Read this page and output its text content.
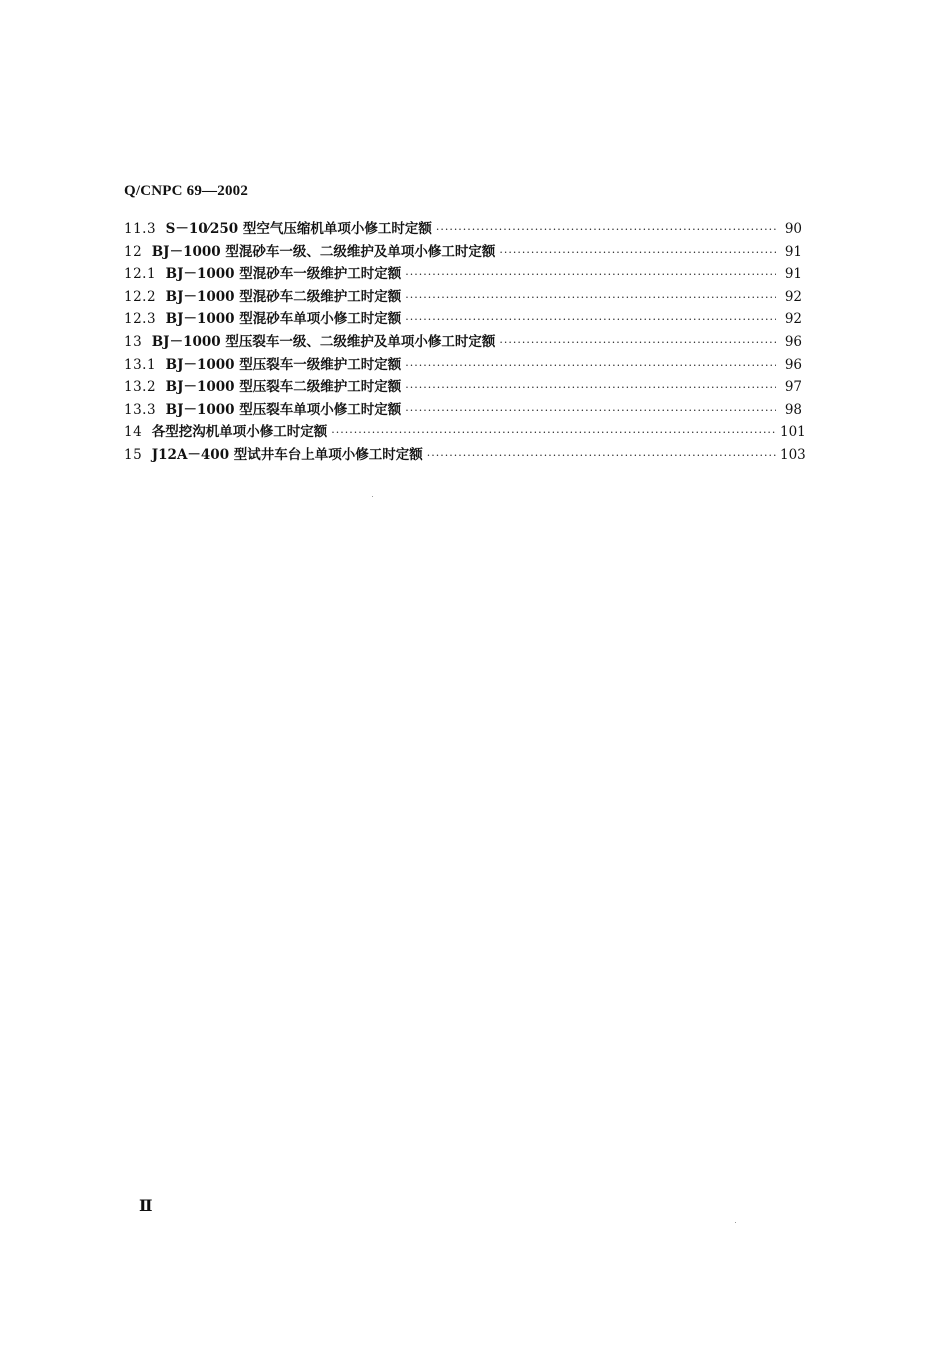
Q/CNPC 69—2002
11.3 S－10⁄250 型空气压缩机单项小修工时定额 ·····	90
12 BJ－1000 型混砂车一级、二级维护及单项小修工时定额 ·····	91
12.1 BJ－1000 型混砂车一级维护工时定额 ·····	91
12.2 BJ－1000 型混砂车二级维护工时定额 ·····	92
12.3 BJ－1000 型混砂车单项小修工时定额 ·····	92
13 BJ－1000 型压裂车一级、二级维护及单项小修工时定额 ·····	96
13.1 BJ－1000 型压裂车一级维护工时定额 ·····	96
13.2 BJ－1000 型压裂车二级维护工时定额 ·····	97
13.3 BJ－1000 型压裂车单项小修工时定额 ·····	98
14 各型挖沟机单项小修工时定额 ·····	101
15 J12A－400 型试井车台上单项小修工时定额 ·····	103
Ⅱ
